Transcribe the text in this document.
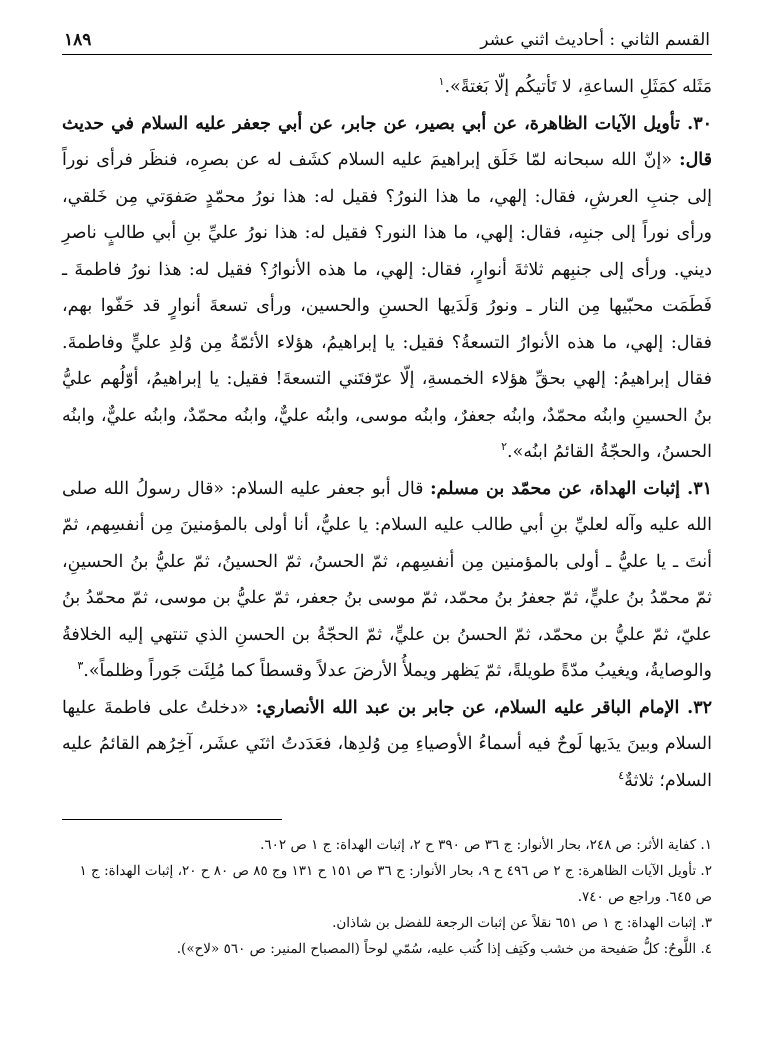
القسم الثاني : أحاديث اثني عشر
١٨٩

مَثَله كمَثَلِ الساعةِ، لا تَأتيكُم إلّا بَغتةً».$^١$

٣٠. تأويل الآيات الظاهرة، عن أبي بصير، عن جابر، عن أبي جعفر عليه السلام في حديث قال: «إنّ الله سبحانه لمّا خَلَق إبراهيمَ عليه السلام كشَف له عن بصرِه، فنظَر فرأى نوراً إلى جنبِ العرشِ، فقال: إلهي، ما هذا النورُ؟ فقيل له: هذا نورُ محمّدٍ صَفوَتي مِن خَلقي، ورأى نوراً إلى جنبِه، فقال: إلهي، ما هذا النور؟ فقيل له: هذا نورُ عليِّ بنِ أبي طالبٍ ناصرِ ديني. ورأى إلى جنبِهم ثلاثةَ أنوارٍ، فقال: إلهي، ما هذه الأنوارُ؟ فقيل له: هذا نورُ فاطمةَ ـ فَطَمَت محبّيها مِن النار ـ ونورُ وَلَدَيها الحسنِ والحسين، ورأى تسعةَ أنوارٍ قد حَفّوا بهم، فقال: إلهي، ما هذه الأنوارُ التسعةُ؟ فقيل: يا إبراهيمُ، هؤلاء الأئمّةُ مِن وُلدِ عليٍّ وفاطمةَ. فقال إبراهيمُ: إلهي بحقِّ هؤلاء الخمسةِ، إلّا عرّفتَني التسعةَ! فقيل: يا إبراهيمُ، أوّلُهم عليُّ بنُ الحسينِ وابنُه محمّدٌ، وابنُه جعفرٌ، وابنُه موسى، وابنُه عليٌّ، وابنُه محمّدٌ، وابنُه عليٌّ، وابنُه الحسنُ، والحجّةُ القائمُ ابنُه».$^٢$

٣١. إثبات الهداة، عن محمّد بن مسلم: قال أبو جعفر عليه السلام: «قال رسولُ الله صلى الله عليه وآله لعليِّ بنِ أبي طالب عليه السلام: يا عليُّ، أنا أولى بالمؤمنينَ مِن أنفسِهم، ثمّ أنتَ ـ يا عليُّ ـ أولى بالمؤمنين مِن أنفسِهم، ثمّ الحسنُ، ثمّ الحسينُ، ثمّ عليُّ بنُ الحسينِ، ثمّ محمّدُ بنُ عليٍّ، ثمّ جعفرُ بنُ محمّد، ثمّ موسى بنُ جعفر، ثمّ عليُّ بن موسى، ثمّ محمّدُ بنُ عليّ، ثمّ عليُّ بن محمّد، ثمّ الحسنُ بن عليٍّ، ثمّ الحجّةُ بن الحسنِ الذي تنتهي إليه الخلافةُ والوصايةُ، ويغيبُ مدّةً طويلةً، ثمّ يَظهر ويملأُ الأرضَ عدلاً وقسطاً كما مُلِئَت جَوراً وظلماً».$^٣$

٣٢. الإمام الباقر عليه السلام، عن جابر بن عبد الله الأنصاري: «دخلتُ على فاطمةَ عليها السلام وبينَ يدَيها لَوحٌ فيه أسماءُ الأوصياءِ مِن وُلدِها، فعَدَدتُ اثنَي عشَر، آخِرُهم القائمُ عليه السلام؛ ثلاثةٌ$^٤$

١. كفاية الأثر: ص ٢٤٨، بحار الأنوار: ج ٣٦ ص ٣٩٠ ح ٢، إثبات الهداة: ج ١ ص ٦٠٢.

٢. تأويل الآيات الظاهرة: ج ٢ ص ٤٩٦ ح ٩، بحار الأنوار: ج ٣٦ ص ١٥١ ح ١٣١ وج ٨٥ ص ٨٠ ح ٢٠، إثبات الهداة: ج ١ ص ٦٤٥. وراجع ص ٧٤٠.

٣. إثبات الهداة: ج ١ ص ٦٥١ نقلاً عن إثبات الرجعة للفضل بن شاذان.

٤. اللَّوحُ: كلُّ صَفيحة من خشب وكَتِف إذا كُتب عليه، سُمّي لوحاً (المصباح المنير: ص ٥٦٠ «لاح»).
